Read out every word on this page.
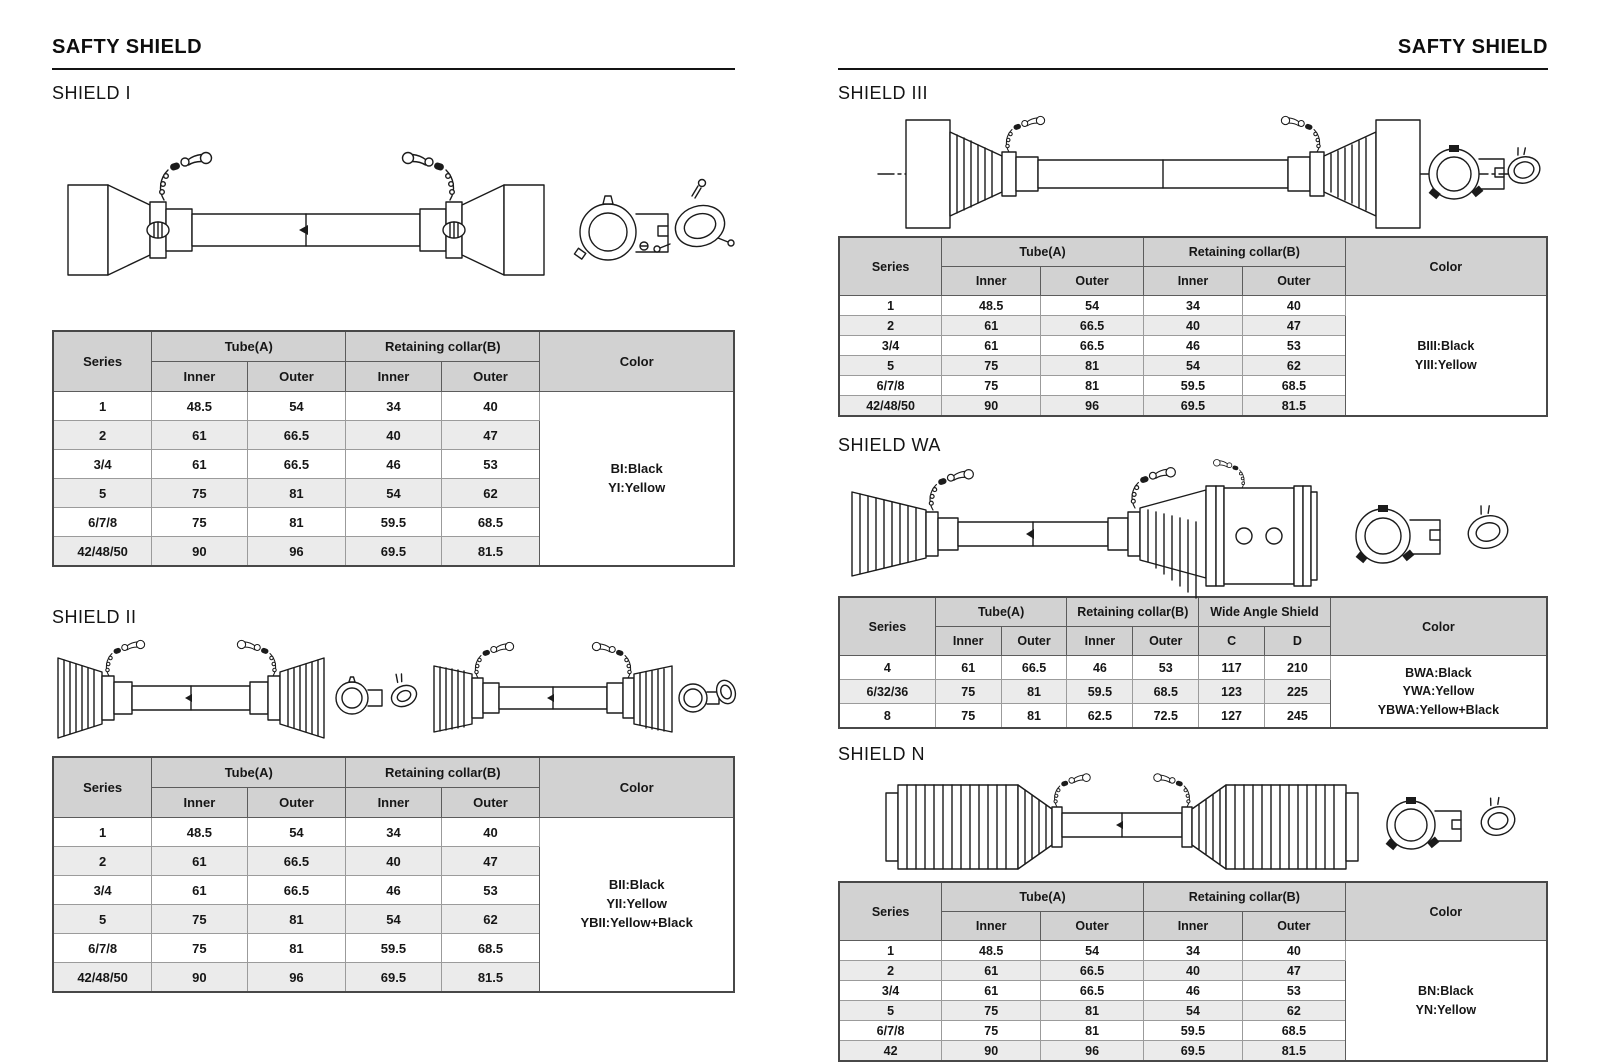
SAFTY SHIELD
SHIELD I
Series	Tube(A)		Retaining collar(B)		Color
	Inner	Outer	Inner	Outer	
1	48.5	54	34	40	BI:Black
YI:Yellow

2	61	66.5	40	47	
3/4	61	66.5	46	53	
5	75	81	54	62	
6/7/8	75	81	59.5	68.5	
42/48/50	90	96	69.5	81.5	
SHIELD II
Series	Tube(A)		Retaining collar(B)		Color
	Inner	Outer	Inner	Outer	
1	48.5	54	34	40	BII:Black
YII:Yellow
YBII:Yellow+Black

2	61	66.5	40	47	
3/4	61	66.5	46	53	
5	75	81	54	62	
6/7/8	75	81	59.5	68.5	
42/48/50	90	96	69.5	81.5	
SAFTY SHIELD
SHIELD III
Series	Tube(A)		Retaining collar(B)		Color
	Inner	Outer	Inner	Outer	
1	48.5	54	34	40	BIII:Black
YIII:Yellow

2	61	66.5	40	47	
3/4	61	66.5	46	53	
5	75	81	54	62	
6/7/8	75	81	59.5	68.5	
42/48/50	90	96	69.5	81.5	
SHIELD WA
Series	Tube(A)		Retaining collar(B)		Wide Angle Shield		Color
	Inner	Outer	Inner	Outer	C	D	
4	61	66.5	46	53	117	210	BWA:Black
YWA:Yellow
YBWA:Yellow+Black

6/32/36	75	81	59.5	68.5	123	225	
8	75	81	62.5	72.5	127	245	
SHIELD N
Series	Tube(A)		Retaining collar(B)		Color
	Inner	Outer	Inner	Outer	
1	48.5	54	34	40	BN:Black
YN:Yellow

2	61	66.5	40	47	
3/4	61	66.5	46	53	
5	75	81	54	62	
6/7/8	75	81	59.5	68.5	
42	90	96	69.5	81.5	
